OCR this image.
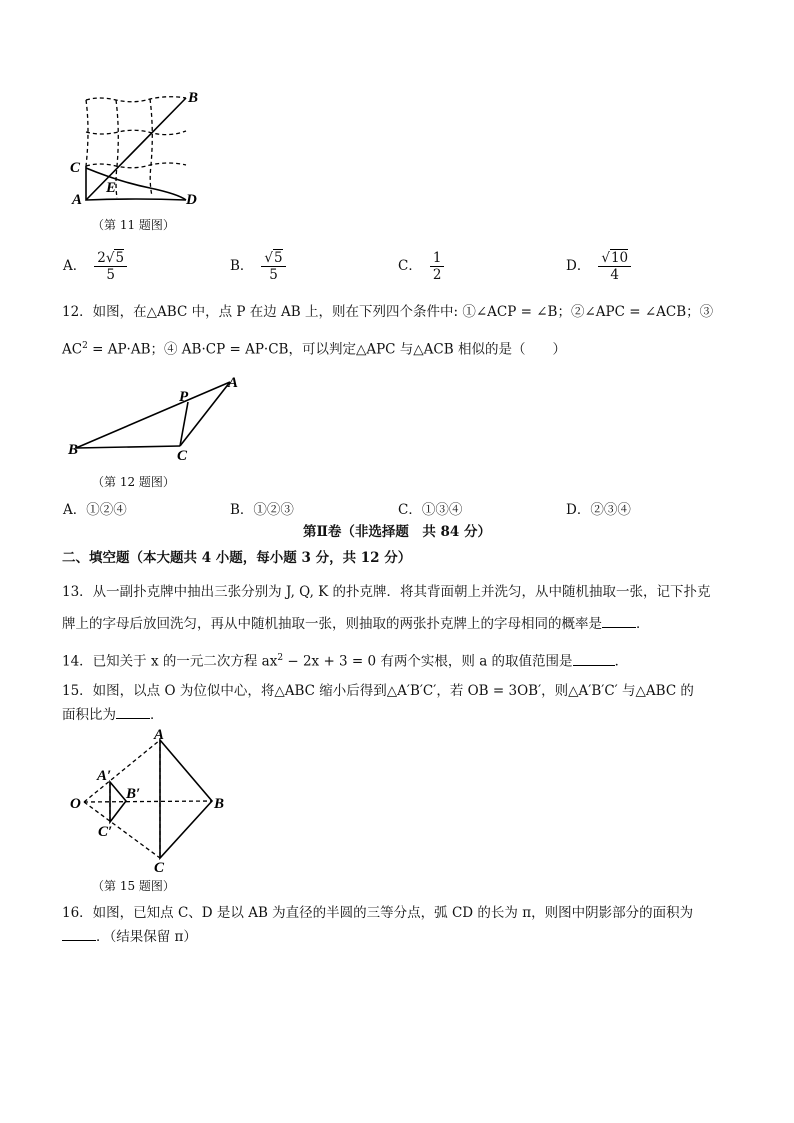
B
C
E
A	D
（第 11 题图）
A． $\frac{2√5}{5}$	B． $\frac{√5}{5}$	C． $\frac{1}{2}$	D． $\frac{√10}{4}$
12．如图，在△ABC 中，点 P 在边 AB 上，则在下列四个条件中: ①∠ACP = ∠B；②∠APC = ∠ACB；③
$AC^2 = AP\cdot AB$；④ AB·CP = AP·CB，可以判定△APC 与△ACB 相似的是（　　）
P
A
B	C
（第 12 题图）
A．①②④	B．①②③	C．①③④	D．②③④
第Ⅱ卷（非选择题　共 84 分）
二、填空题（本大题共 4 小题，每小题 3 分，共 12 分）
13．从一副扑克牌中抽出三张分别为 J, Q, K 的扑克牌．将其背面朝上并洗匀，从中随机抽取一张，记下扑克
牌上的字母后放回洗匀，再从中随机抽取一张，则抽取的两张扑克牌上的字母相同的概率是	．
14．已知关于 x 的一元二次方程 $ax^2 - 2x + 3 = 0$ 有两个实根，则 a 的取值范围是	．
15．如图，以点 O 为位似中心，将△ABC 缩小后得到△A′B′C′，若 OB = 3OB′，则△A′B′C′ 与△ABC 的
面积比为	．
A
A′
B′
O	B
C′
C
（第 15 题图）
16．如图，已知点 C、D 是以 AB 为直径的半圆的三等分点，弧 CD 的长为 π，则图中阴影部分的面积为
．（结果保留 π）
